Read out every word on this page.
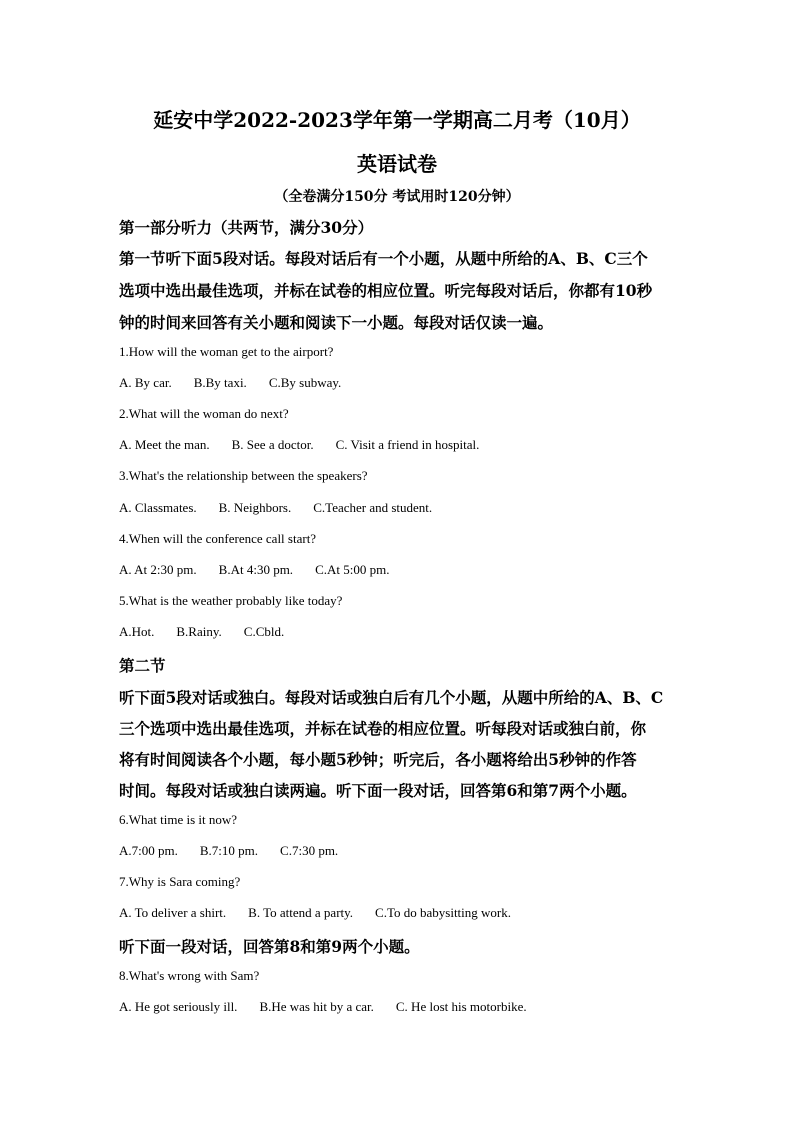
延安中学2022-2023学年第一学期高二月考（10月）
英语试卷
（全卷满分150分 考试用时120分钟）
第一部分听力（共两节，满分30分）
第一节听下面5段对话。每段对话后有一个小题，从题中所给的A、B、C三个
选项中选出最佳选项，并标在试卷的相应位置。听完每段对话后，你都有10秒
钟的时间来回答有关小题和阅读下一小题。每段对话仅读一遍。
1.How will the woman get to the airport?
A. By car. B.By taxi. C.By subway.
2.What will the woman do next?
A. Meet the man. B. See a doctor. C. Visit a friend in hospital.
3.What's the relationship between the speakers?
A. Classmates. B. Neighbors. C.Teacher and student.
4.When will the conference call start?
A. At 2:30 pm. B.At 4:30 pm. C.At 5:00 pm.
5.What is the weather probably like today?
A.Hot. B.Rainy. C.Cbld.
第二节
听下面5段对话或独白。每段对话或独白后有几个小题，从题中所给的A、B、C
三个选项中选出最佳选项，并标在试卷的相应位置。听每段对话或独白前，你
将有时间阅读各个小题，每小题5秒钟；听完后，各小题将给出5秒钟的作答
时间。每段对话或独白读两遍。听下面一段对话，回答第6和第7两个小题。
6.What time is it now?
A.7:00 pm. B.7:10 pm. C.7:30 pm.
7.Why is Sara coming?
A. To deliver a shirt. B. To attend a party. C.To do babysitting work.
听下面一段对话，回答第8和第9两个小题。
8.What's wrong with Sam?
A. He got seriously ill. B.He was hit by a car. C. He lost his motorbike.
